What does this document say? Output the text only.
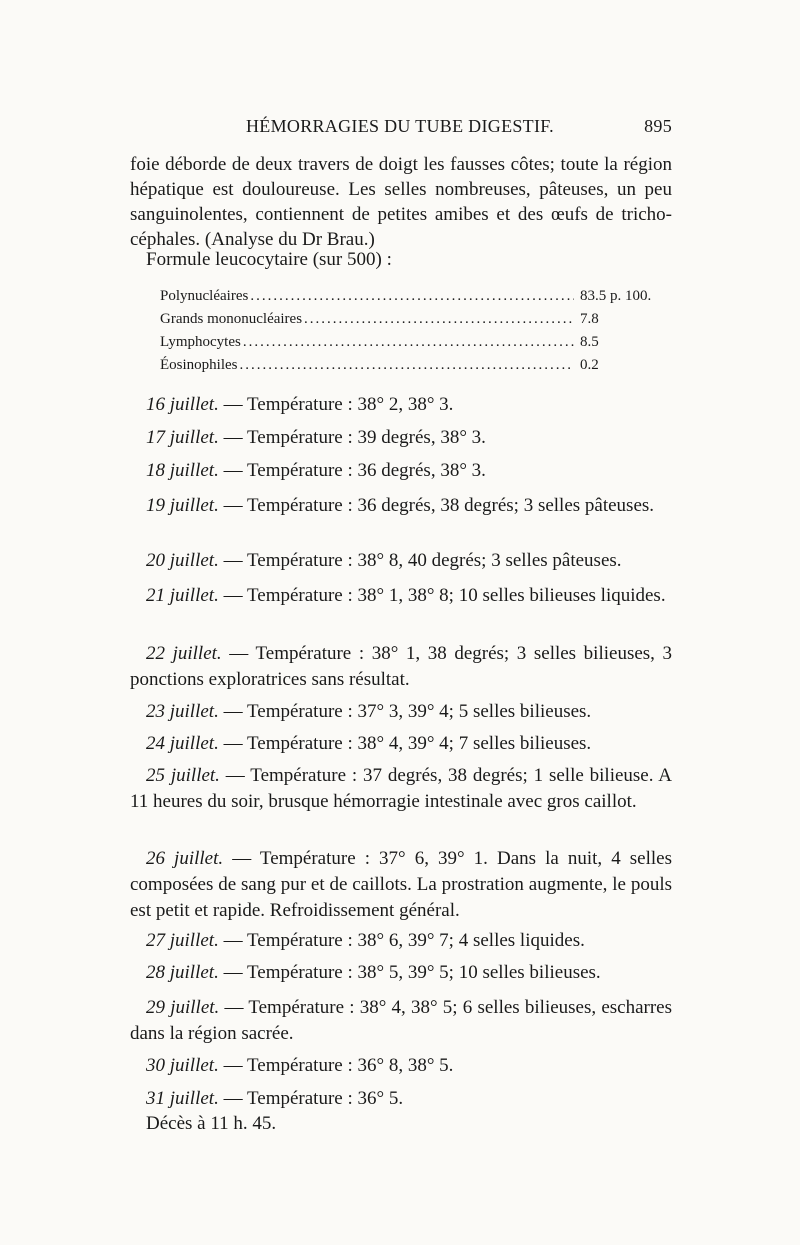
HÉMORRAGIES DU TUBE DIGESTIF.	895

foie déborde de deux travers de doigt les fausses côtes; toute la région hépatique est douloureuse. Les selles nombreuses, pâteuses, un peu sanguinolentes, contiennent de petites amibes et des œufs de tricho-céphales. (Analyse du Dr Brau.)

Formule leucocytaire (sur 500) :
Polynucléaires .....	83.5 p. 100.
Grands mononucléaires .....	7.8
Lymphocytes .....	8.5
Éosinophiles .....	0.2
16 juillet. — Température : 38° 2, 38° 3.
17 juillet. — Température : 39 degrés, 38° 3.
18 juillet. — Température : 36 degrés, 38° 3.
19 juillet. — Température : 36 degrés, 38 degrés; 3 selles pâteuses.
20 juillet. — Température : 38° 8, 40 degrés; 3 selles pâteuses.
21 juillet. — Température : 38° 1, 38° 8; 10 selles bilieuses liquides.
22 juillet. — Température : 38° 1, 38 degrés; 3 selles bilieuses, 3 ponctions exploratrices sans résultat.
23 juillet. — Température : 37° 3, 39° 4; 5 selles bilieuses.
24 juillet. — Température : 38° 4, 39° 4; 7 selles bilieuses.
25 juillet. — Température : 37 degrés, 38 degrés; 1 selle bilieuse. A 11 heures du soir, brusque hémorragie intestinale avec gros caillot.
26 juillet. — Température : 37° 6, 39° 1. Dans la nuit, 4 selles composées de sang pur et de caillots. La prostration augmente, le pouls est petit et rapide. Refroidissement général.
27 juillet. — Température : 38° 6, 39° 7; 4 selles liquides.
28 juillet. — Température : 38° 5, 39° 5; 10 selles bilieuses.
29 juillet. — Température : 38° 4, 38° 5; 6 selles bilieuses, escharres dans la région sacrée.
30 juillet. — Température : 36° 8, 38° 5.
31 juillet. — Température : 36° 5.
Décès à 11 h. 45.
